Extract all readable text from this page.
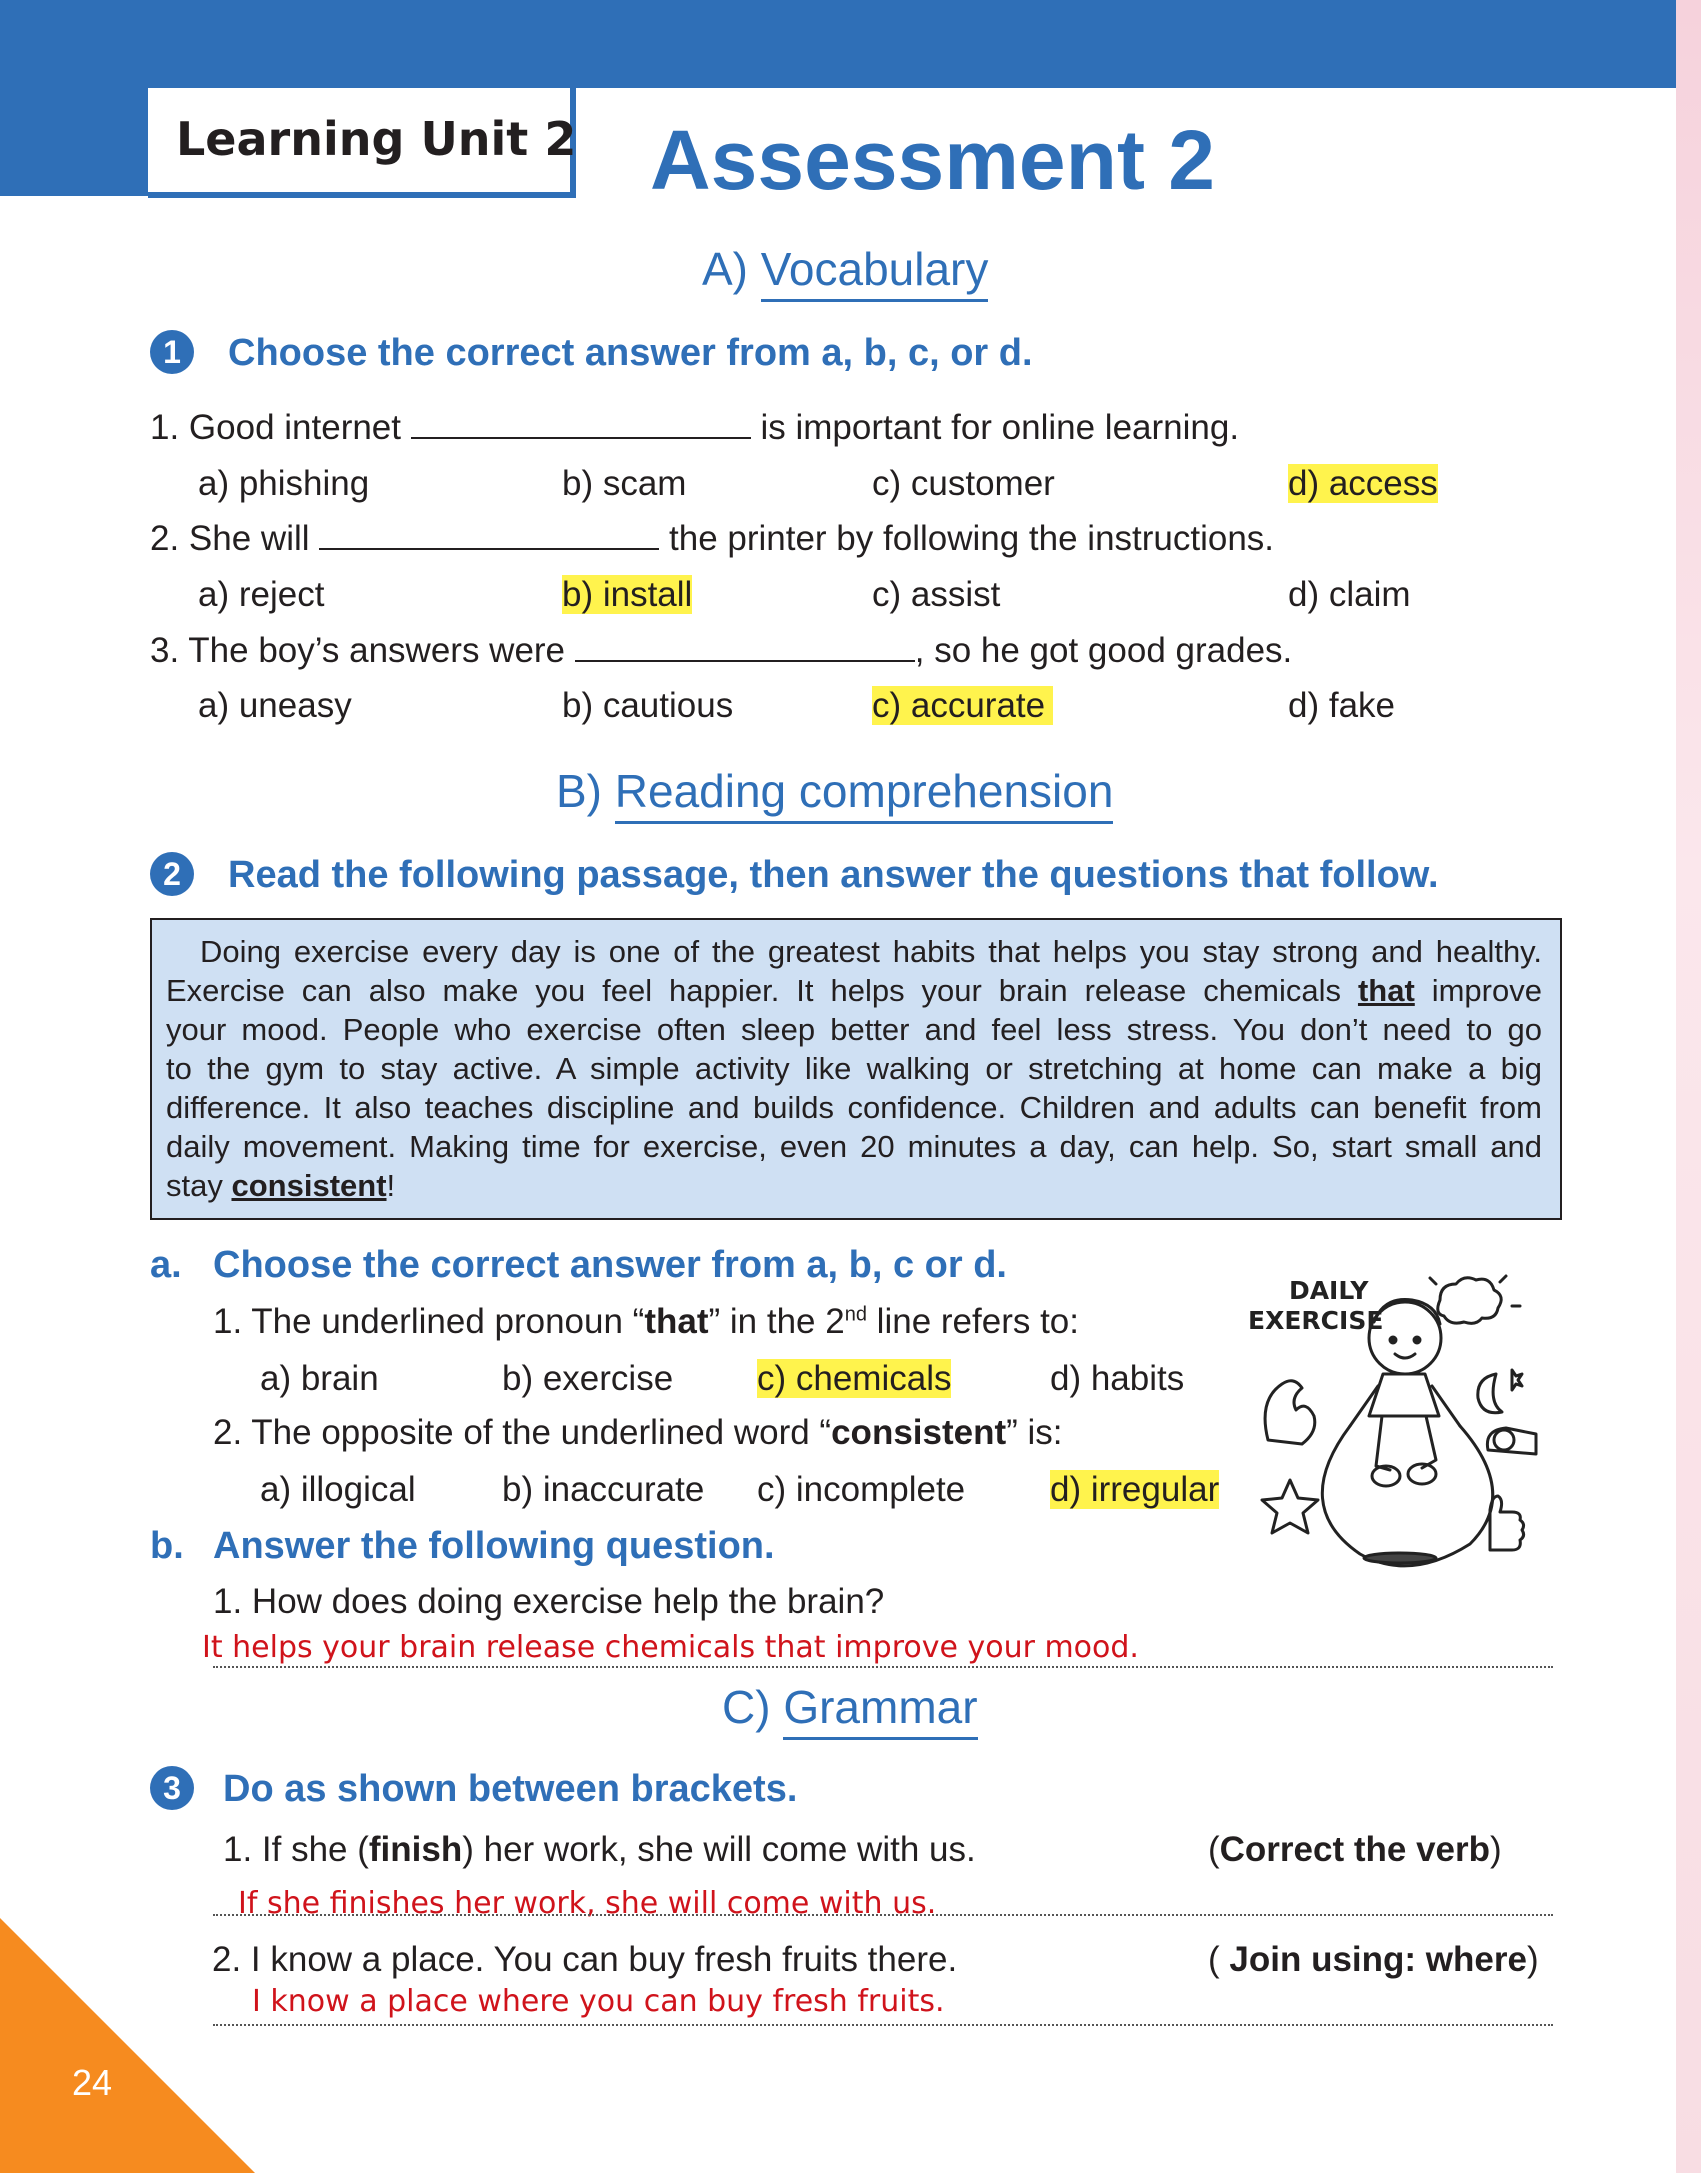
Learning Unit 2 Assessment 2
A) Vocabulary
1	Choose the correct answer from a, b, c, or d.
1. Good internet	is important for online learning.
a) phishing	b) scam	c) customer	d) access
2. She will	the printer by following the instructions.
a) reject	b) install	c) assist	d) claim
3. The boy’s answers were	, so he got good grades.
a) uneasy	b) cautious	c) accurate	d) fake
B) Reading comprehension
2	Read the following passage, then answer the questions that follow.
Doing exercise every day is one of the greatest habits that helps you stay strong and healthy.
Exercise can also make you feel happier. It helps your brain release chemicals that improve
your mood. People who exercise often sleep better and feel less stress. You don’t need to go
to the gym to stay active. A simple activity like walking or stretching at home can make a big
difference. It also teaches discipline and builds confidence. Children and adults can benefit from
daily movement. Making time for exercise, even 20 minutes a day, can help. So, start small and
stay consistent!
a. Choose the correct answer from a, b, c or d.
1. The underlined pronoun “that” in the 2nd line refers to:
a) brain	b) exercise c) chemicals	d) habits
2. The opposite of the underlined word “consistent” is:
a) illogical b) inaccurate c) incomplete d) irregular
DAILY
EXERCISE
b. Answer the following question.
1. How does doing exercise help the brain?
It helps your brain release chemicals that improve your mood.
C) Grammar
3	Do as shown between brackets.
1. If she (finish) her work, she will come with us.	(Correct the verb)
If she finishes her work, she will come with us.
2. I know a place. You can buy fresh fruits there.	( Join using: where)
I know a place where you can buy fresh fruits.
24
